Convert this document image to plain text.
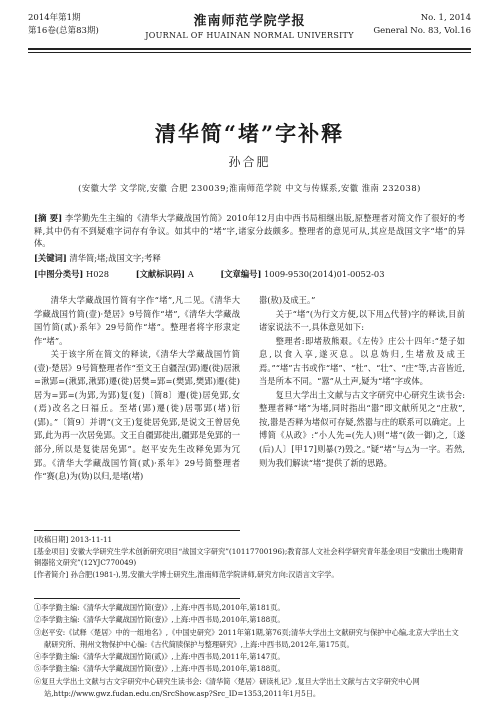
2014年第1期
第16卷(总第83期)
淮南师范学院学报
JOURNAL OF HUAINAN NORMAL UNIVERSITY
No. 1, 2014
General No. 83, Vol.16
清华简“堵”字补释
孙合肥
(安徽大学 文学院,安徽 合肥 230039;淮南师范学院 中文与传媒系,安徽 淮南 232038)
[摘 要] 李学勤先生主编的《清华大学藏战国竹简》2010年12月由中西书局相继出版,原整理者对简文作了很好的考释,其中仍有不到疑难字词存有争议。如其中的“堵”字,诸家分歧颇多。整理者的意见可从,其应是战国文字“堵”的异体。
[关键词] 清华简;堵;战国文字;考释
[中图分类号] H028	[文献标识码] A	[文章编号] 1009-9530(2014)01-0052-03

清华大学藏战国竹简有字作“堵”,凡二见。《清华大学藏战国竹简(壹)·楚居》9号简作“堵”,《清华大学藏战国竹简(贰)·系年》29号简作“堵”。整理者将字形隶定作“堵”。

关于该字所在简文的释读,《清华大学藏战国竹简(壹)·楚居》9号简整理者作“至文王自疆浧(郢)遷(徙)居湫=湫郢=(湫郢,湫郢)遷(徙)居樊=郢=(樊郢,樊郢)遷(徙)居为=郢=(为郢,为郢)复(复)〔简8〕遷(徙)居免郢,女(焉)改名之曰福丘。至堵(郢)遷(徙)居鄂郢(堵)衍(郢)。”〔简9〕并谓“(文王)复徙居免郢,是说文王曾居免郢,此为再一次居免郢。文王自疆郢徙出,疆郢是免郢的一部分,所以是复徙居免郢”。赵平安先生改释免郢为冗郢。《清华大学藏战国竹简(贰)·系年》29号简整理者作“赛(息)为(妫)以归,是堵(堵)

嚣(敖)及成王。”

关于“堵”(为行文方便,以下用△代替)字的释读,目前诸家说法不一,具体意见如下:

整理者:即堵敖熊艰。《左传》庄公十四年:“楚子如息,以食入享,遂灭息。以息妫归,生堵敖及成王焉。”“堵”古书或作“堵”、“杜”、“壮”、“庄”等,古音皆近,当是所本不同。“嚣”从土声,疑为“堵”字或体。

复旦大学出土文献与古文字研究中心研究生读书会:整理者释“堵”为堵,同时指出“嚣”即文献所见之“庄敖”,按,嚣是否释为堵似可存疑,然嚣与庄的联系可以确定。上博简《从政》:“小人先=(先人)则“堵”(敛一御)之,〔遂(后)人〕[甲17]则暴(?)毁之。”疑“堵”与△为一字。若然,则为我们解读“堵”提供了新的思路。

[收稿日期] 2013-11-11
[基金项目] 安徽大学研究生学术创新研究项目“战国文字研究”(10117700196);教育部人文社会科学研究青年基金项目“安徽出土晚期青铜器铭文研究”(12YJC770049)
[作者简介] 孙合肥(1981-),男,安徽大学博士研究生,淮南师范学院讲师,研究方向:汉语言文字学。
①李学勤主编:《清华大学藏战国竹简(壹)》,上海:中西书局,2010年,第181页。
②李学勤主编:《清华大学藏战国竹简(壹)》,上海:中西书局,2010年,第188页。
③赵平安:《试释〈楚居〉中的一组地名》,《中国史研究》2011年第1期,第76页;清华大学出土文献研究与保护中心编,北京大学出土文献研究所、荆州文物保护中心编:《古代简牍保护与整理研究》,上海:中西书局,2012年,第175页。
④李学勤主编:《清华大学藏战国竹简(贰)》,上海:中西书局,2011年,第147页。
⑤李学勤主编:《清华大学藏战国竹简(壹)》,上海:中西书局,2010年,第188页。
⑥复旦大学出土文献与古文字研究中心研究生读书会:《清华简〈楚居〉研读札记》,复旦大学出土文献与古文字研究中心网站,http://www.gwz.fudan.edu.cn/SrcShow.asp?Src_ID=1353,2011年1月5日。
